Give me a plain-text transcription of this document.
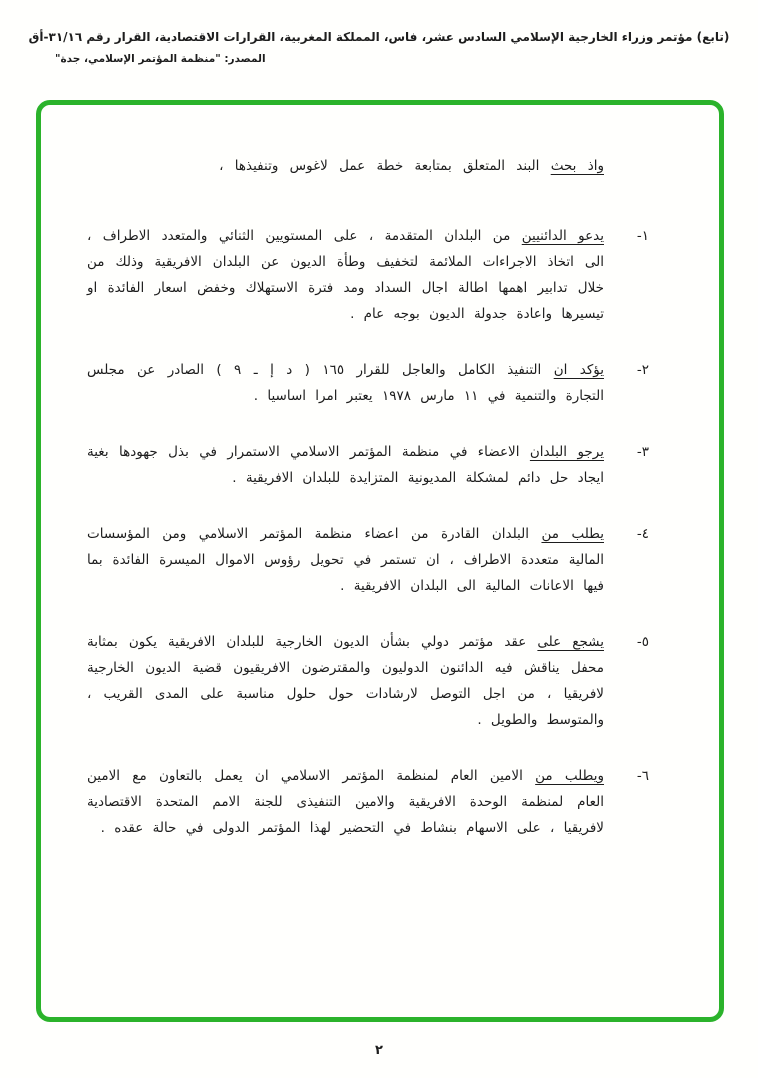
(تابع) مؤتمر وزراء الخارجية الإسلامي السادس عشر، فاس، المملكة المغربية، القرارات الاقتصادية، القرار رقم ٣١/١٦-أق
المصدر: "منظمة المؤتمر الإسلامي، جدة"

واذ بحث البند المتعلق بمتابعة خطة عمل لاغوس وتنفيذها ،

١-

يدعو الدائنيين من البلدان المتقدمة ، على المستويين الثنائي والمتعدد الاطراف ، الى اتخاذ الاجراءات الملائمة لتخفيف وطأة الديون عن البلدان الافريقية وذلك من خلال تدابير اهمها اطالة اجال السداد ومد فترة الاستهلاك وخفض اسعار الفائدة او تيسيرها واعادة جدولة الديون بوجه عام .

٢-

يؤكد ان التنفيذ الكامل والعاجل للقرار ١٦٥ ( د إ ـ ٩ ) الصادر عن مجلس التجارة والتنمية في ١١ مارس ١٩٧٨ يعتبر امرا اساسيا .

٣-

يرجو البلدان الاعضاء في منظمة المؤتمر الاسلامي الاستمرار في بذل جهودها بغية ايجاد حل دائم لمشكلة المديونية المتزايدة للبلدان الافريقية .

٤-

يطلب من البلدان القادرة من اعضاء منظمة المؤتمر الاسلامي ومن المؤسسات المالية متعددة الاطراف ، ان تستمر في تحويل رؤوس الاموال الميسرة الفائدة بما فيها الاعانات المالية الى البلدان الافريقية .

٥-

يشجع على عقد مؤتمر دولي بشأن الديون الخارجية للبلدان الافريقية يكون بمثابة محفل يناقش فيه الدائنون الدوليون والمقترضون الافريقيون قضية الديون الخارجية لافريقيا ، من اجل التوصل لارشادات حول حلول مناسبة على المدى القريب ، والمتوسط والطويل .

٦-

ويطلب من الامين العام لمنظمة المؤتمر الاسلامي ان يعمل بالتعاون مع الامين العام لمنظمة الوحدة الافريقية والامين التنفيذى للجنة الامم المتحدة الاقتصادية لافريقيا ، على الاسهام بنشاط في التحضير لهذا المؤتمر الدولى في حالة عقده .

٢
